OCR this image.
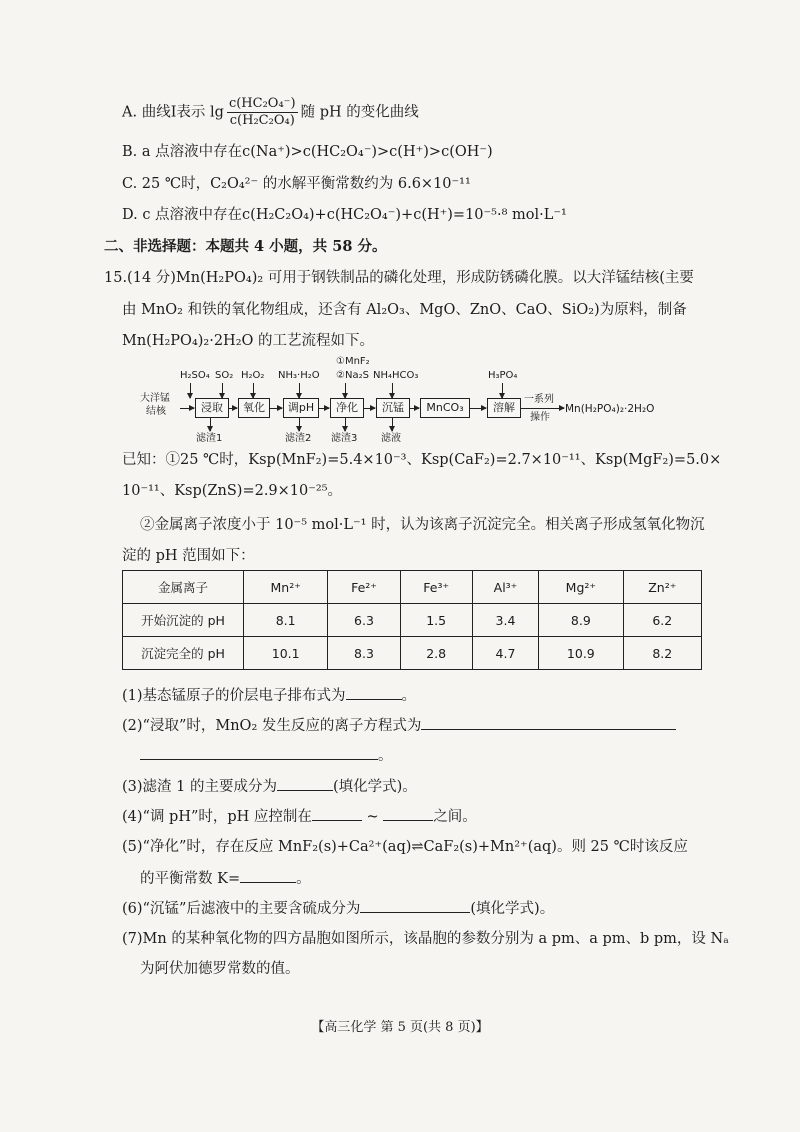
A. 曲线Ⅰ表示 $\lg \frac{\text{c(HC₂O₄⁻)}}{\text{c(H₂C₂O₄)}}$ 随 pH 的变化曲线
B. a 点溶液中存在c(Na⁺)>c(HC₂O₄⁻)>c(H⁺)>c(OH⁻)
C. 25 ℃时，C₂O₄²⁻ 的水解平衡常数约为 6.6×10⁻¹¹
D. c 点溶液中存在c(H₂C₂O₄)+c(HC₂O₄⁻)+c(H⁺)=10⁻⁵·⁸ mol·L⁻¹
二、非选择题：本题共 4 小题，共 58 分。
15.(14 分)Mn(H₂PO₄)₂ 可用于钢铁制品的磷化处理，形成防锈磷化膜。以大洋锰结核(主要
由 MnO₂ 和铁的氧化物组成，还含有 Al₂O₃、MgO、ZnO、CaO、SiO₂)为原料，制备
Mn(H₂PO₄)₂·2H₂O 的工艺流程如下。
大洋锰
结核
H₂SO₄ SO₂ H₂O₂ NH₃·H₂O
①MnF₂
②Na₂S NH₄HCO₃	H₃PO₄
浸取	氧化	调pH	净化	沉锰	MnCO₃	溶解
一系列
操作
Mn(H₂PO₄)₂·2H₂O
滤渣1	滤渣2 滤渣3 滤液
已知：①25 ℃时，Ksp(MnF₂)=5.4×10⁻³、Ksp(CaF₂)=2.7×10⁻¹¹、Ksp(MgF₂)=5.0×
10⁻¹¹、Ksp(ZnS)=2.9×10⁻²⁵。
②金属离子浓度小于 10⁻⁵ mol·L⁻¹ 时，认为该离子沉淀完全。相关离子形成氢氧化物沉
淀的 pH 范围如下：
金属离子	Mn²⁺	Fe²⁺	Fe³⁺	Al³⁺	Mg²⁺	Zn²⁺
开始沉淀的 pH	8.1	6.3	1.5	3.4	8.9	6.2
沉淀完全的 pH	10.1	8.3	2.8	4.7	10.9	8.2
(1)基态锰原子的价层电子排布式为	。
(2)“浸取”时，MnO₂ 发生反应的离子方程式为
。
(3)滤渣 1 的主要成分为	(填化学式)。
(4)“调 pH”时，pH 应控制在	~	之间。
(5)“净化”时，存在反应 MnF₂(s)+Ca²⁺(aq)⇌CaF₂(s)+Mn²⁺(aq)。则 25 ℃时该反应
的平衡常数 K=	。
(6)“沉锰”后滤液中的主要含硫成分为	(填化学式)。
(7)Mn 的某种氧化物的四方晶胞如图所示，该晶胞的参数分别为 a pm、a pm、b pm，设 Nₐ
为阿伏加德罗常数的值。
【高三化学 第 5 页(共 8 页)】
